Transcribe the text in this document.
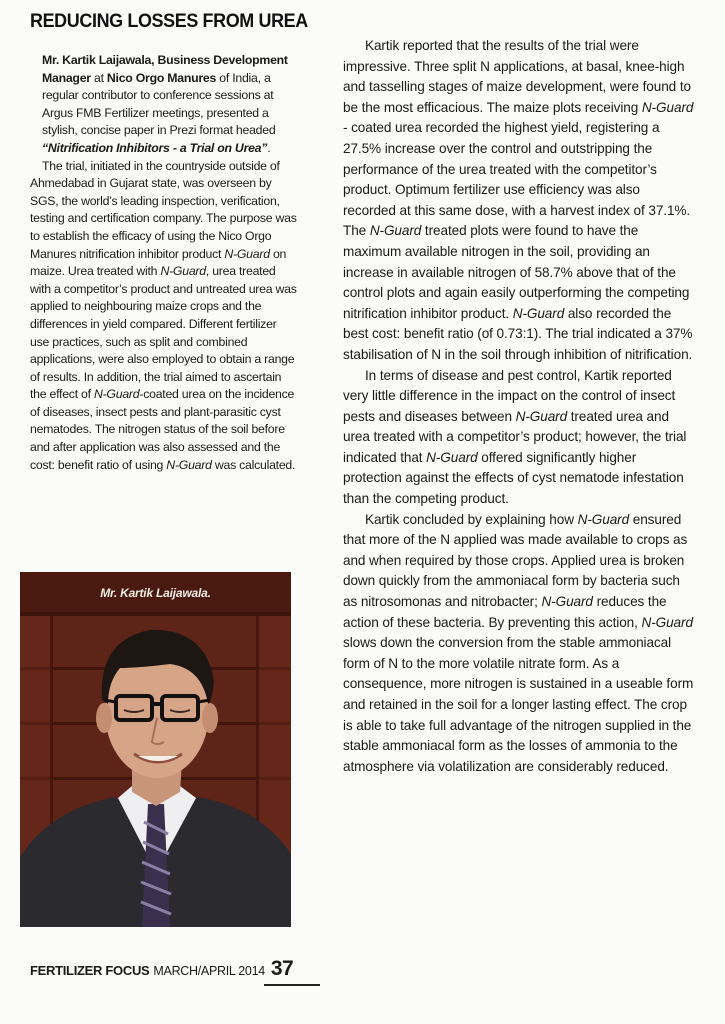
REDUCING LOSSES FROM UREA

Mr. Kartik Laijawala, Business Development Manager at Nico Orgo Manures of India, a regular contributor to conference sessions at Argus FMB Fertilizer meetings, presented a stylish, concise paper in Prezi format headed “Nitrification Inhibitors - a Trial on Urea”.

The trial, initiated in the countryside outside of Ahmedabad in Gujarat state, was overseen by SGS, the world’s leading inspection, verification, testing and certification company. The purpose was to establish the efficacy of using the Nico Orgo Manures nitrification inhibitor product N-Guard on maize. Urea treated with N-Guard, urea treated with a competitor’s product and untreated urea was applied to neighbouring maize crops and the differences in yield compared. Different fertilizer use practices, such as split and combined applications, were also employed to obtain a range of results. In addition, the trial aimed to ascertain the effect of N-Guard-coated urea on the incidence of diseases, insect pests and plant-parasitic cyst nematodes. The nitrogen status of the soil before and after application was also assessed and the cost: benefit ratio of using N-Guard was calculated.

Mr. Kartik Laijawala.

Kartik reported that the results of the trial were impressive. Three split N applications, at basal, knee-high and tasselling stages of maize development, were found to be the most efficacious. The maize plots receiving N-Guard - coated urea recorded the highest yield, registering a 27.5% increase over the control and outstripping the performance of the urea treated with the competitor’s product. Optimum fertilizer use efficiency was also recorded at this same dose, with a harvest index of 37.1%. The N-Guard treated plots were found to have the maximum available nitrogen in the soil, providing an increase in available nitrogen of 58.7% above that of the control plots and again easily outperforming the competing nitrification inhibitor product. N-Guard also recorded the best cost: benefit ratio (of 0.73:1). The trial indicated a 37% stabilisation of N in the soil through inhibition of nitrification.

In terms of disease and pest control, Kartik reported very little difference in the impact on the control of insect pests and diseases between N-Guard treated urea and urea treated with a competitor’s product; however, the trial indicated that N-Guard offered significantly higher protection against the effects of cyst nematode infestation than the competing product.

Kartik concluded by explaining how N-Guard ensured that more of the N applied was made available to crops as and when required by those crops. Applied urea is broken down quickly from the ammoniacal form by bacteria such as nitrosomonas and nitrobacter; N-Guard reduces the action of these bacteria. By preventing this action, N-Guard slows down the conversion from the stable ammoniacal form of N to the more volatile nitrate form. As a consequence, more nitrogen is sustained in a useable form and retained in the soil for a longer lasting effect. The crop is able to take full advantage of the nitrogen supplied in the stable ammoniacal form as the losses of ammonia to the atmosphere via volatilization are considerably reduced.

FERTILIZER FOCUS MARCH/APRIL 2014 37
